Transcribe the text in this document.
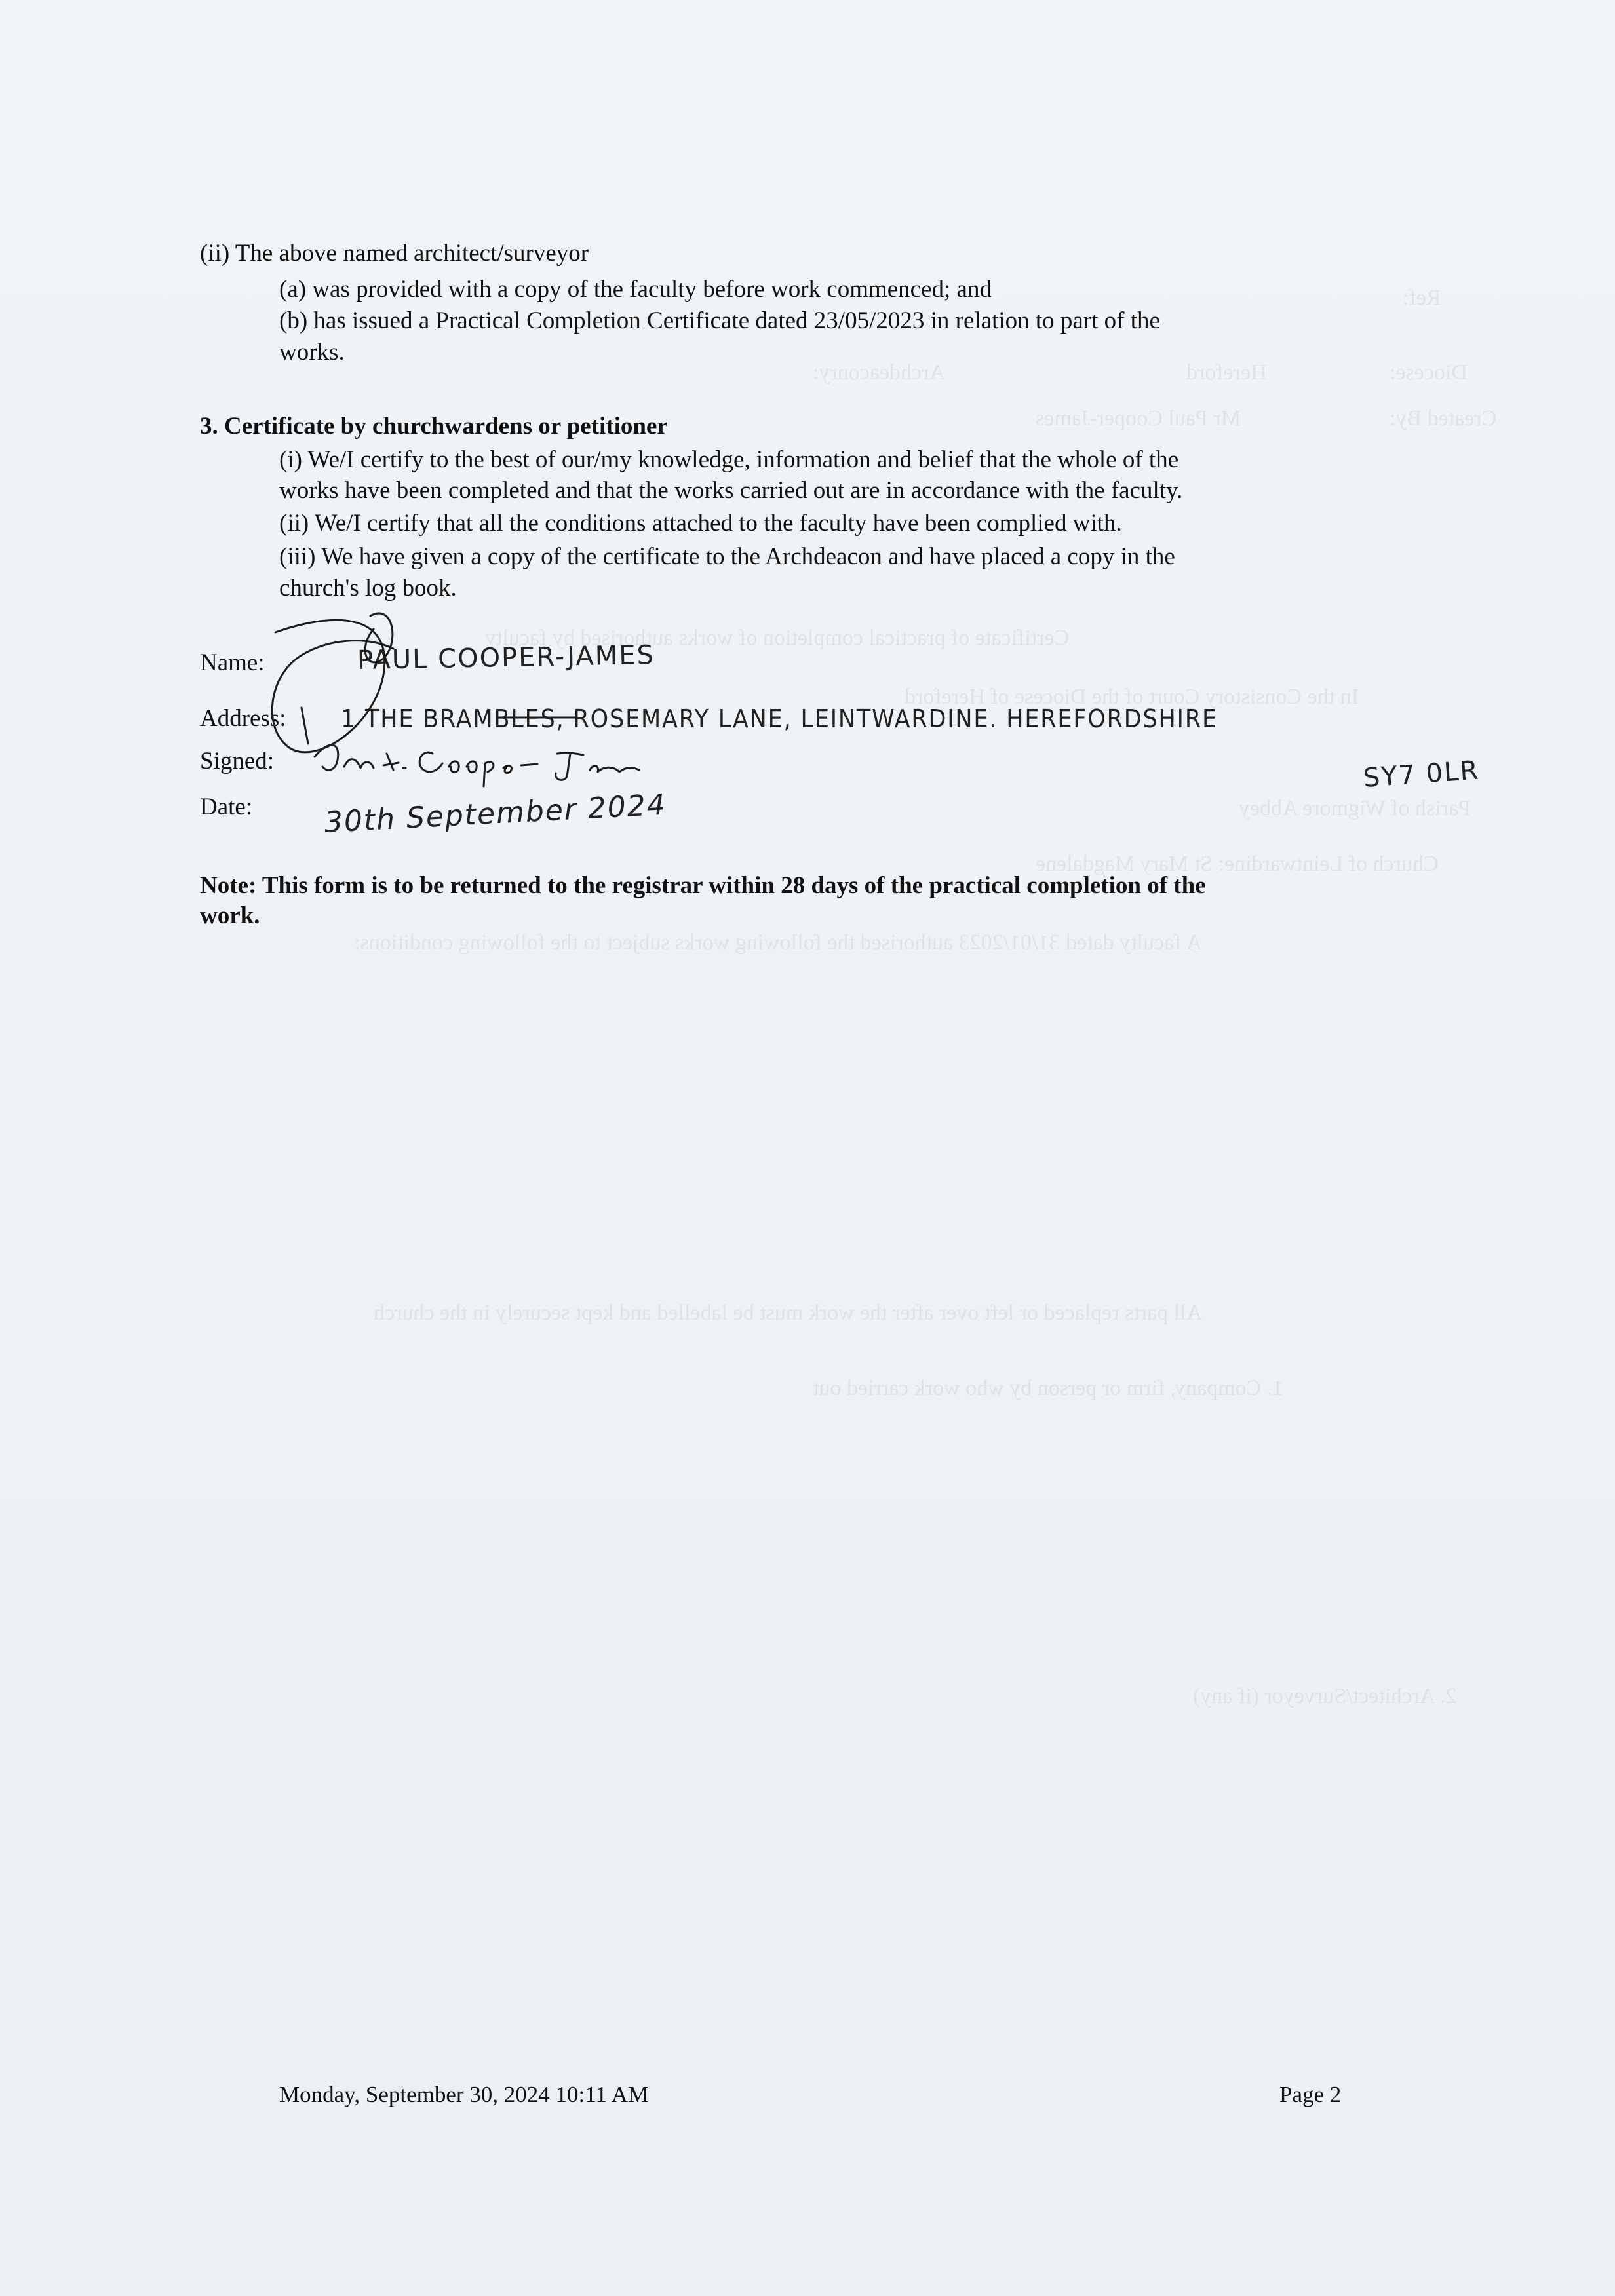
Ref:
Diocese:
Hereford
Archdeaconry:
Created By:
Mr Paul Cooper-James
Certificate of practical completion of works authorised by faculty
In the Consistory Court of the Diocese of Hereford
Parish of Wigmore Abbey
Church of Leintwardine: St Mary Magdalene
A faculty dated 31/01/2023 authorised the following works subject to the following conditions:
All parts replaced or left over after the work must be labelled and kept securely in the church
1. Company, firm or person by who work carried out
2. Architect/Surveyor (if any)
(ii) The above named architect/surveyor
(a) was provided with a copy of the faculty before work commenced; and
(b) has issued a Practical Completion Certificate dated 23/05/2023 in relation to part of the
works.
3. Certificate by churchwardens or petitioner
(i) We/I certify to the best of our/my knowledge, information and belief that the whole of the
works have been completed and that the works carried out are in accordance with the faculty.
(ii) We/I certify that all the conditions attached to the faculty have been complied with.
(iii) We have given a copy of the certificate to the Archdeacon and have placed a copy in the
church's log book.
Name:
Address:
Signed:
Date:
PAUL COOPER-JAMES
1 THE BRAMBLES, ROSEMARY LANE, LEINTWARDINE. HEREFORDSHIRE
SY7 0LR
30th September 2024
Note: This form is to be returned to the registrar within 28 days of the practical completion of the
work.
Monday, September 30, 2024 10:11 AM	Page 2
